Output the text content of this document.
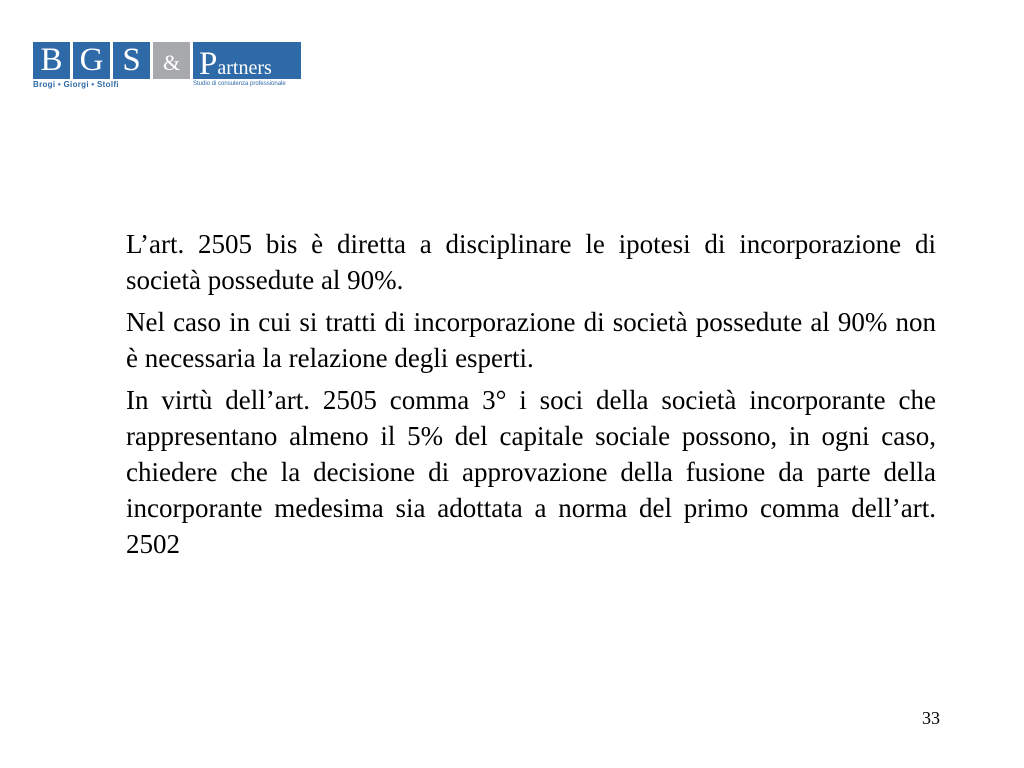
B G S	& Partners
Brogi • Giorgi • Stolfi	Studio di consulenza professionale

L’art. 2505 bis è diretta a disciplinare le ipotesi di incorporazione di società possedute al 90%.

Nel caso in cui si tratti di incorporazione di società possedute al 90% non è necessaria la relazione degli esperti.

In virtù dell’art. 2505 comma 3° i soci della società incorporante che rappresentano almeno il 5% del capitale sociale possono, in ogni caso, chiedere che la decisione di approvazione della fusione da parte della incorporante medesima sia adottata a norma del primo comma dell’art. 2502

33
